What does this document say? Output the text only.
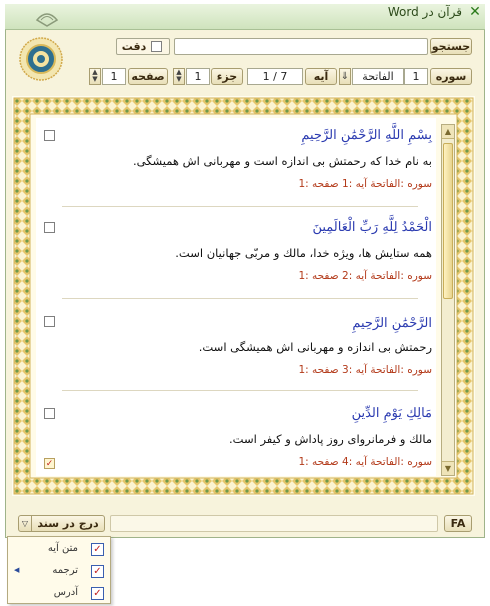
قرآن در Word ✕
جستجو
دقت
سوره
1
الفاتحة
⇓
آیه
1 / 7
جزء
1
▲
▼
صفحه
1
▲
▼
بِسْمِ اللَّهِ الرَّحْمَٰنِ الرَّحِيمِ
به نام خدا كه رحمتش بی اندازه است و مهربانی اش همیشگی.
سوره :الفاتحة آیه :1 صفحه :1
الْحَمْدُ لِلَّهِ رَبِّ الْعَالَمِينَ
همه ستايش ها، ويژه خدا، مالك و مربّی جهانيان است.
سوره :الفاتحة آیه :2 صفحه :1
الرَّحْمَٰنِ الرَّحِيمِ
رحمتش بی اندازه و مهربانی اش هميشگی است.
سوره :الفاتحة آیه :3 صفحه :1
مَالِكِ يَوْمِ الدِّينِ
مالك و فرمانروای روز پاداش و كيفر است.
سوره :الفاتحة آیه :4 صفحه :1
✓
▲
▼
▽ درج در سند	FA
متن آیه ✓
◀	ترجمه ✓
آدرس ✓
